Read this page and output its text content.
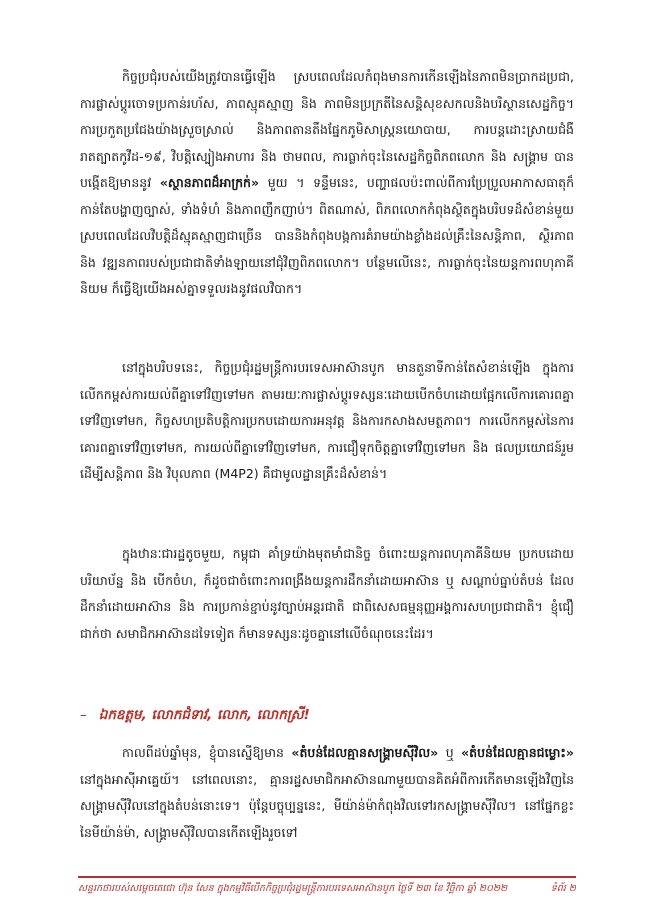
កិច្ចប្រជុំរបស់យើងត្រូវបានធ្វើឡើង ស្របពេលដែលកំពុងមានការកើនឡើងនៃភាពមិនប្រាកដប្រជា, ការផ្លាស់ប្តូរចោទប្រកាន់រហ័ស, ភាពស្មុគស្មាញ និង ភាពមិនប្រក្រតីនៃសន្តិសុខសកលនិងបរិស្ថានសេដ្ឋកិច្ច។ ការប្រកួតប្រជែងយ៉ាងស្រួចស្រាល់ និងភាពតានតឹងផ្នែកភូមិសាស្ត្រនយោបាយ, ការបន្តដោះស្រាយជំងឺរាតត្បាតកូវីដ-១៩, វិបត្តិស្បៀងអាហារ និង ថាមពល, ការធ្លាក់ចុះនៃសេដ្ឋកិច្ចពិភពលោក និង សង្គ្រាម បានបង្កើតឱ្យមាននូវ «ស្ថានភាពដ៏អាក្រក់» មួយ ។ ទន្ទឹមនេះ, បញ្ហាផលប៉ះពាល់ពីការប្រែប្រួលអាកាសធាតុក៏កាន់តែបង្ហាញច្បាស់, ទាំងទំហំ និងភាពញឹកញាប់។ ពិតណាស់, ពិភពលោកកំពុងស្ថិតក្នុងបរិបទដ៏សំខាន់មួយ ស្របពេលដែលវិបត្តិដ៏ស្មុគស្មាញជាច្រើន បាននិងកំពុងបង្កការគំរាមយ៉ាងខ្លាំងដល់គ្រឹះនៃសន្តិភាព, ស្ថិរភាព និង វឌ្ឍនភាពរបស់ប្រជាជាតិទាំងឡាយនៅជុំវិញពិភពលោក។ បន្ថែមលើនេះ, ការធ្លាក់ចុះនៃយន្តការពហុភាគីនិយម ក៏ធ្វើឱ្យយើងអស់គ្នាទទួលរងនូវផលវិបាក។

នៅក្នុងបរិបទនេះ, កិច្ចប្រជុំរដ្ឋមន្ត្រីការបរទេសអាស៊ានបូក មានតួនាទីកាន់តែសំខាន់ឡើង ក្នុងការលើកកម្ពស់ការយល់ពីគ្នាទៅវិញទៅមក តាមរយៈការផ្លាស់ប្តូរទស្សនៈដោយបើកចំហដោយផ្អែកលើការគោរពគ្នាទៅវិញទៅមក, កិច្ចសហប្រតិបត្តិការប្រកបដោយការអនុវត្ត និងការកសាងសមត្ថភាព។ ការលើកកម្ពស់នៃការគោរពគ្នាទៅវិញទៅមក, ការយល់ពីគ្នាទៅវិញទៅមក, ការជឿទុកចិត្តគ្នាទៅវិញទៅមក និង ផលប្រយោជន៍រួម ដើម្បីសន្តិភាព និង វិបុលភាព (M4P2) គឺជាមូលដ្ឋានគ្រឹះដ៏សំខាន់។

ក្នុងឋានៈជារដ្ឋតូចមួយ, កម្ពុជា គាំទ្រយ៉ាងមុតមាំជានិច្ច ចំពោះយន្តការពហុភាគីនិយម ប្រកបដោយបរិយាប័ន្ន និង បើកចំហ, ក៏ដូចជាចំពោះការពង្រឹងយន្តការដឹកនាំដោយអាស៊ាន ឬ សណ្តាប់ធ្នាប់តំបន់ ដែលដឹកនាំដោយអាស៊ាន និង ការប្រកាន់ខ្ជាប់នូវច្បាប់អន្តរជាតិ ជាពិសេសធម្មនុញ្ញអង្គការសហប្រជាជាតិ។ ខ្ញុំជឿជាក់ថា សមាជិកអាស៊ានដទៃទៀត ក៏មានទស្សនៈដូចគ្នានៅលើចំណុចនេះដែរ។

– ឯកឧត្តម, លោកជំទាវ, លោក, លោកស្រី!

កាលពីដប់ឆ្នាំមុន, ខ្ញុំបានស្នើឱ្យមាន «តំបន់ដែលគ្មានសង្គ្រាមស៊ីវិល» ឬ «តំបន់ដែលគ្មានជម្លោះ» នៅក្នុងអាស៊ីអាគ្នេយ៍។ នៅពេលនោះ, គ្មានរដ្ឋសមាជិកអាស៊ានណាមួយបានគិតអំពីការកើតមានឡើងវិញនៃសង្គ្រាមស៊ីវិលនៅក្នុងតំបន់នោះទេ។ ប៉ុន្តែបច្ចុប្បន្ននេះ, មីយ៉ាន់ម៉ាកំពុងវិលទៅរកសង្គ្រាមស៊ីវិល។ នៅផ្នែកខ្លះនៃមីយ៉ាន់ម៉ា, សង្គ្រាមស៊ីវិលបានកើតឡើងរួចទៅ

សន្ទរកថារបស់សម្តេចតេជោ ហ៊ុន សែន ក្នុងកម្មវិធីបើកកិច្ចប្រជុំរដ្ឋមន្ត្រីការបរទេសអាស៊ានបូក ថ្ងៃទី ២៣ ខែ វិច្ឆិកា ឆ្នាំ ២០២២	ទំព័រ ២
